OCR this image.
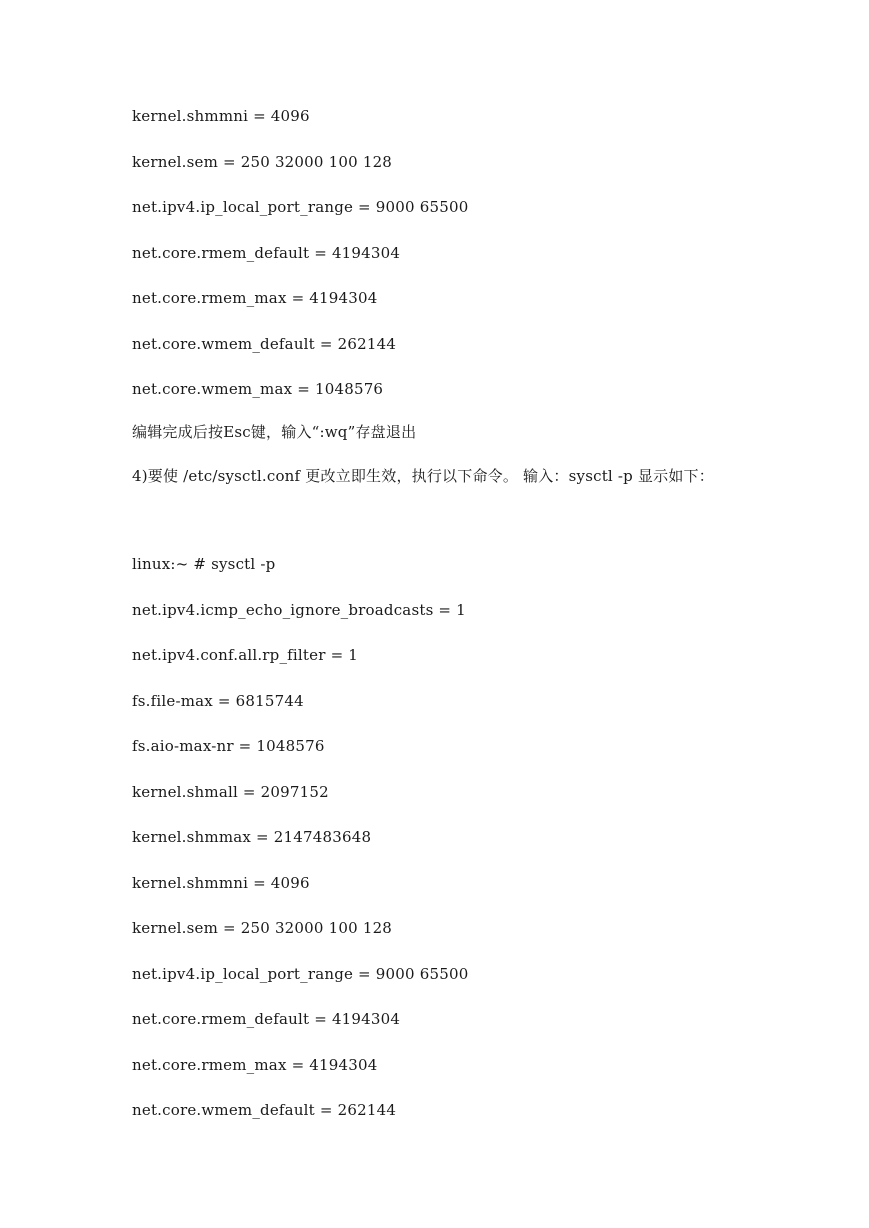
kernel.shmmni = 4096
kernel.sem = 250 32000 100 128
net.ipv4.ip_local_port_range = 9000 65500
net.core.rmem_default = 4194304
net.core.rmem_max = 4194304
net.core.wmem_default = 262144
net.core.wmem_max = 1048576
编辑完成后按Esc键，输入“:wq”存盘退出
4)要使 /etc/sysctl.conf 更改立即生效，执行以下命令。 输入：sysctl -p 显示如下：
linux:~ # sysctl -p
net.ipv4.icmp_echo_ignore_broadcasts = 1
net.ipv4.conf.all.rp_filter = 1
fs.file-max = 6815744
fs.aio-max-nr = 1048576
kernel.shmall = 2097152
kernel.shmmax = 2147483648
kernel.shmmni = 4096
kernel.sem = 250 32000 100 128
net.ipv4.ip_local_port_range = 9000 65500
net.core.rmem_default = 4194304
net.core.rmem_max = 4194304
net.core.wmem_default = 262144
